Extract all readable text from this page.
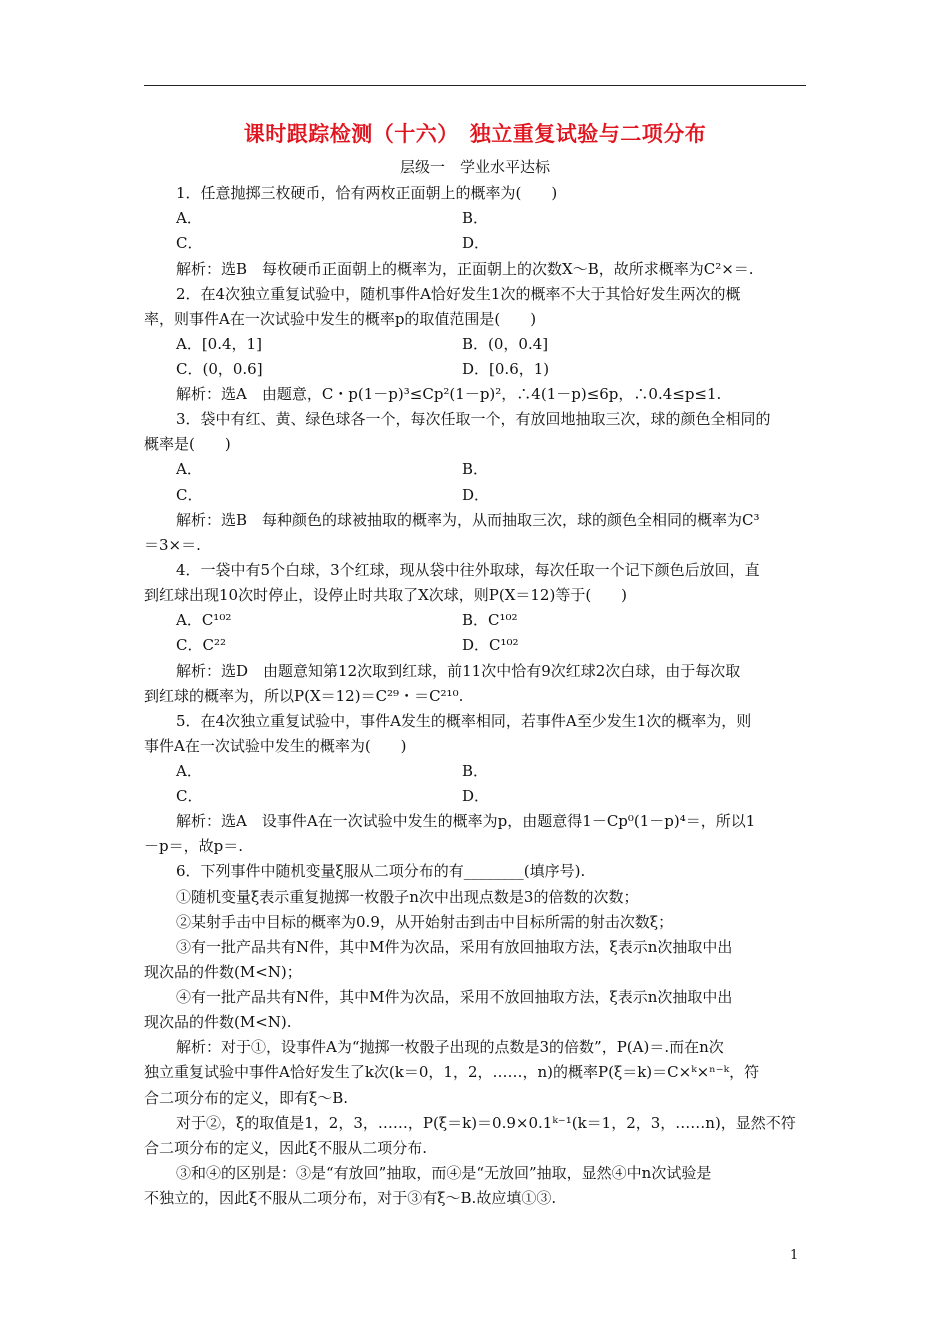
课时跟踪检测（十六）　独立重复试验与二项分布
层级一　学业水平达标
1．任意抛掷三枚硬币，恰有两枚正面朝上的概率为(　　)
A．	B．
C．	D．
解析：选B　每枚硬币正面朝上的概率为，正面朝上的次数X～B，故所求概率为C²×＝.
2．在4次独立重复试验中，随机事件A恰好发生1次的概率不大于其恰好发生两次的概
率，则事件A在一次试验中发生的概率p的取值范围是(　　)
A．[0.4，1]	B．(0，0.4]
C．(0，0.6]	D．[0.6，1)
解析：选A　由题意，C・p(1－p)³≤Cp²(1－p)²，∴4(1－p)≤6p，∴0.4≤p≤1.
3．袋中有红、黄、绿色球各一个，每次任取一个，有放回地抽取三次，球的颜色全相同的
概率是(　　)
A．	B．
C．	D．
解析：选B　每种颜色的球被抽取的概率为，从而抽取三次，球的颜色全相同的概率为C³
＝3×＝.
4．一袋中有5个白球，3个红球，现从袋中往外取球，每次任取一个记下颜色后放回，直
到红球出现10次时停止，设停止时共取了X次球，则P(X＝12)等于(　　)
A．C¹⁰²	B．C¹⁰²
C．C²²	D．C¹⁰²
解析：选D　由题意知第12次取到红球，前11次中恰有9次红球2次白球，由于每次取
到红球的概率为，所以P(X＝12)＝C²⁹・＝C²¹⁰.
5．在4次独立重复试验中，事件A发生的概率相同，若事件A至少发生1次的概率为，则
事件A在一次试验中发生的概率为(　　)
A．	B．
C．	D．
解析：选A　设事件A在一次试验中发生的概率为p，由题意得1－Cp⁰(1－p)⁴＝，所以1
－p＝，故p＝.
6．下列事件中随机变量ξ服从二项分布的有________(填序号).
①随机变量ξ表示重复抛掷一枚骰子n次中出现点数是3的倍数的次数；
②某射手击中目标的概率为0.9，从开始射击到击中目标所需的射击次数ξ；
③有一批产品共有N件，其中M件为次品，采用有放回抽取方法，ξ表示n次抽取中出
现次品的件数(M<N)；
④有一批产品共有N件，其中M件为次品，采用不放回抽取方法，ξ表示n次抽取中出
现次品的件数(M<N).
解析：对于①，设事件A为“抛掷一枚骰子出现的点数是3的倍数”，P(A)＝.而在n次
独立重复试验中事件A恰好发生了k次(k＝0，1，2，……，n)的概率P(ξ＝k)＝C×ᵏ×ⁿ⁻ᵏ，符
合二项分布的定义，即有ξ～B.
对于②，ξ的取值是1，2，3，……，P(ξ＝k)＝0.9×0.1ᵏ⁻¹(k＝1，2，3，……n)，显然不符
合二项分布的定义，因此ξ不服从二项分布.
③和④的区别是：③是“有放回”抽取，而④是“无放回”抽取，显然④中n次试验是
不独立的，因此ξ不服从二项分布，对于③有ξ～B.故应填①③.
1
